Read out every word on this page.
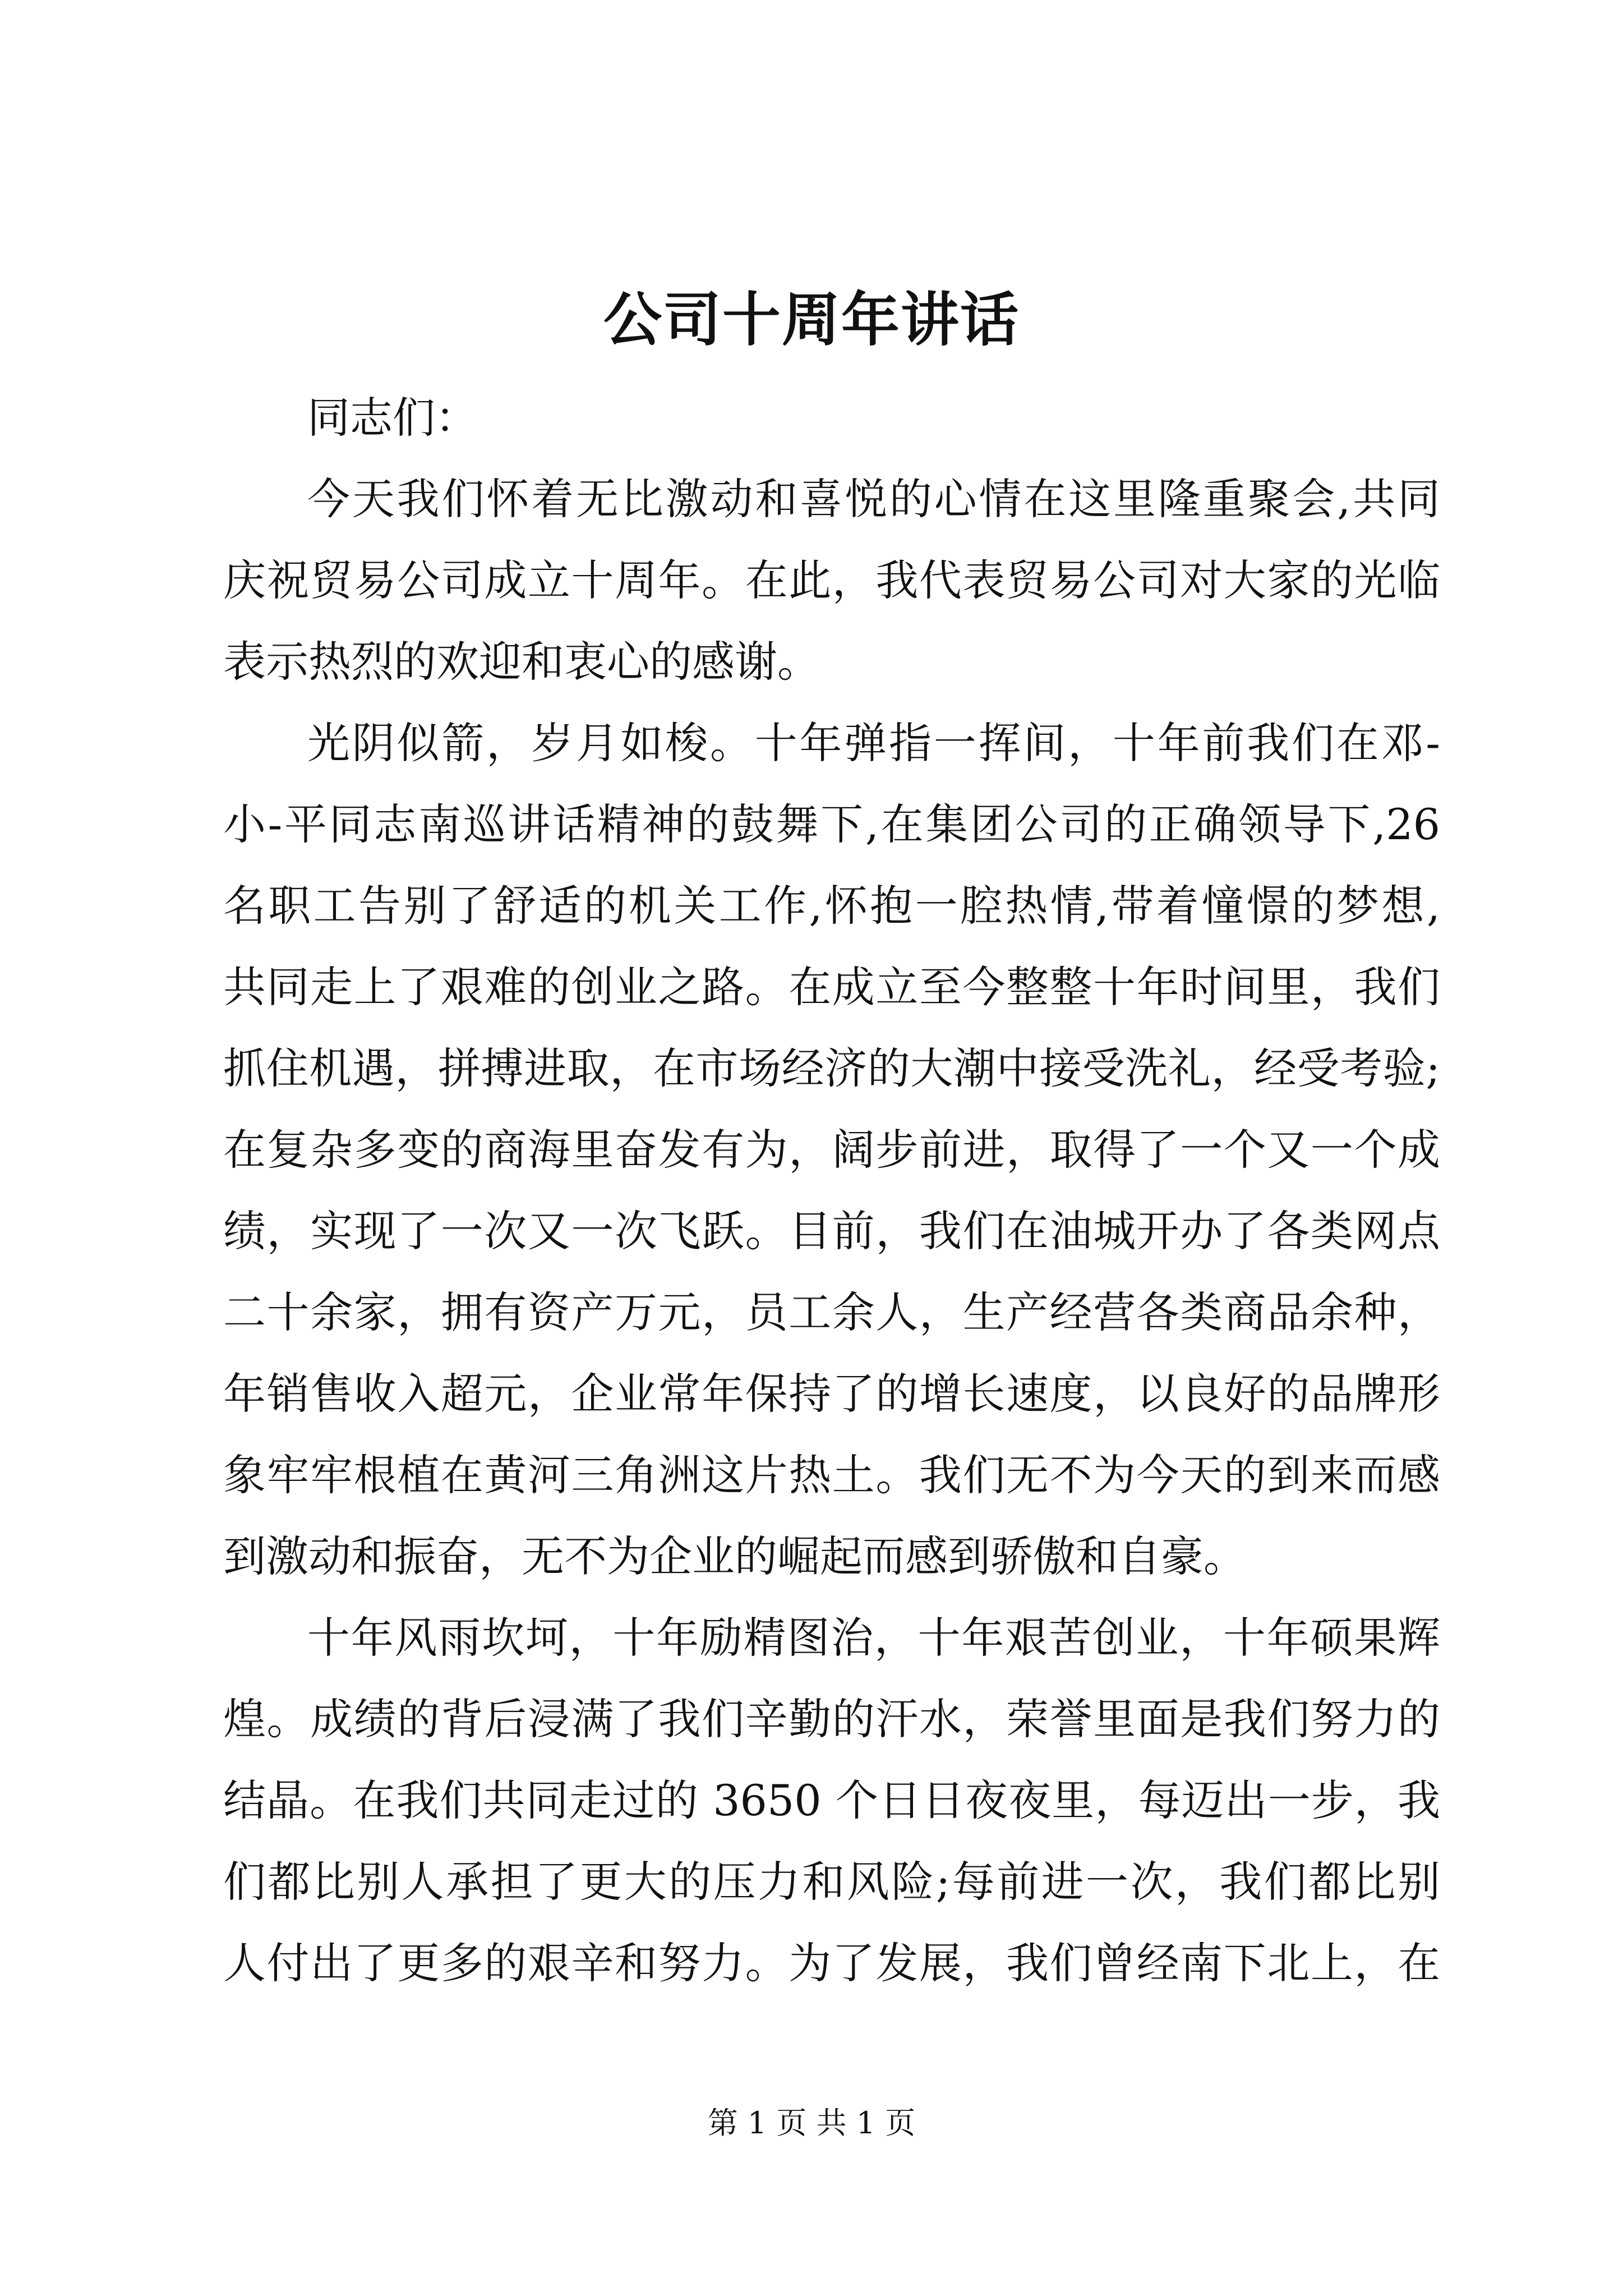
公司十周年讲话
同志们：
今天我们怀着无比激动和喜悦的心情在这里隆重聚会,共同
庆祝贸易公司成立十周年。在此，我代表贸易公司对大家的光临
表示热烈的欢迎和衷心的感谢。
光阴似箭，岁月如梭。十年弹指一挥间，十年前我们在邓-
小-平同志南巡讲话精神的鼓舞下,在集团公司的正确领导下,26
名职工告别了舒适的机关工作,怀抱一腔热情,带着憧憬的梦想,
共同走上了艰难的创业之路。在成立至今整整十年时间里，我们
抓住机遇，拼搏进取，在市场经济的大潮中接受洗礼，经受考验;
在复杂多变的商海里奋发有为，阔步前进，取得了一个又一个成
绩，实现了一次又一次飞跃。目前，我们在油城开办了各类网点
二十余家，拥有资产万元，员工余人，生产经营各类商品余种，
年销售收入超元，企业常年保持了的增长速度，以良好的品牌形
象牢牢根植在黄河三角洲这片热土。我们无不为今天的到来而感
到激动和振奋，无不为企业的崛起而感到骄傲和自豪。
十年风雨坎坷，十年励精图治，十年艰苦创业，十年硕果辉
煌。成绩的背后浸满了我们辛勤的汗水，荣誉里面是我们努力的
结晶。在我们共同走过的 3650 个日日夜夜里，每迈出一步，我
们都比别人承担了更大的压力和风险;每前进一次，我们都比别
人付出了更多的艰辛和努力。为了发展，我们曾经南下北上，在
第 1 页 共 1 页
